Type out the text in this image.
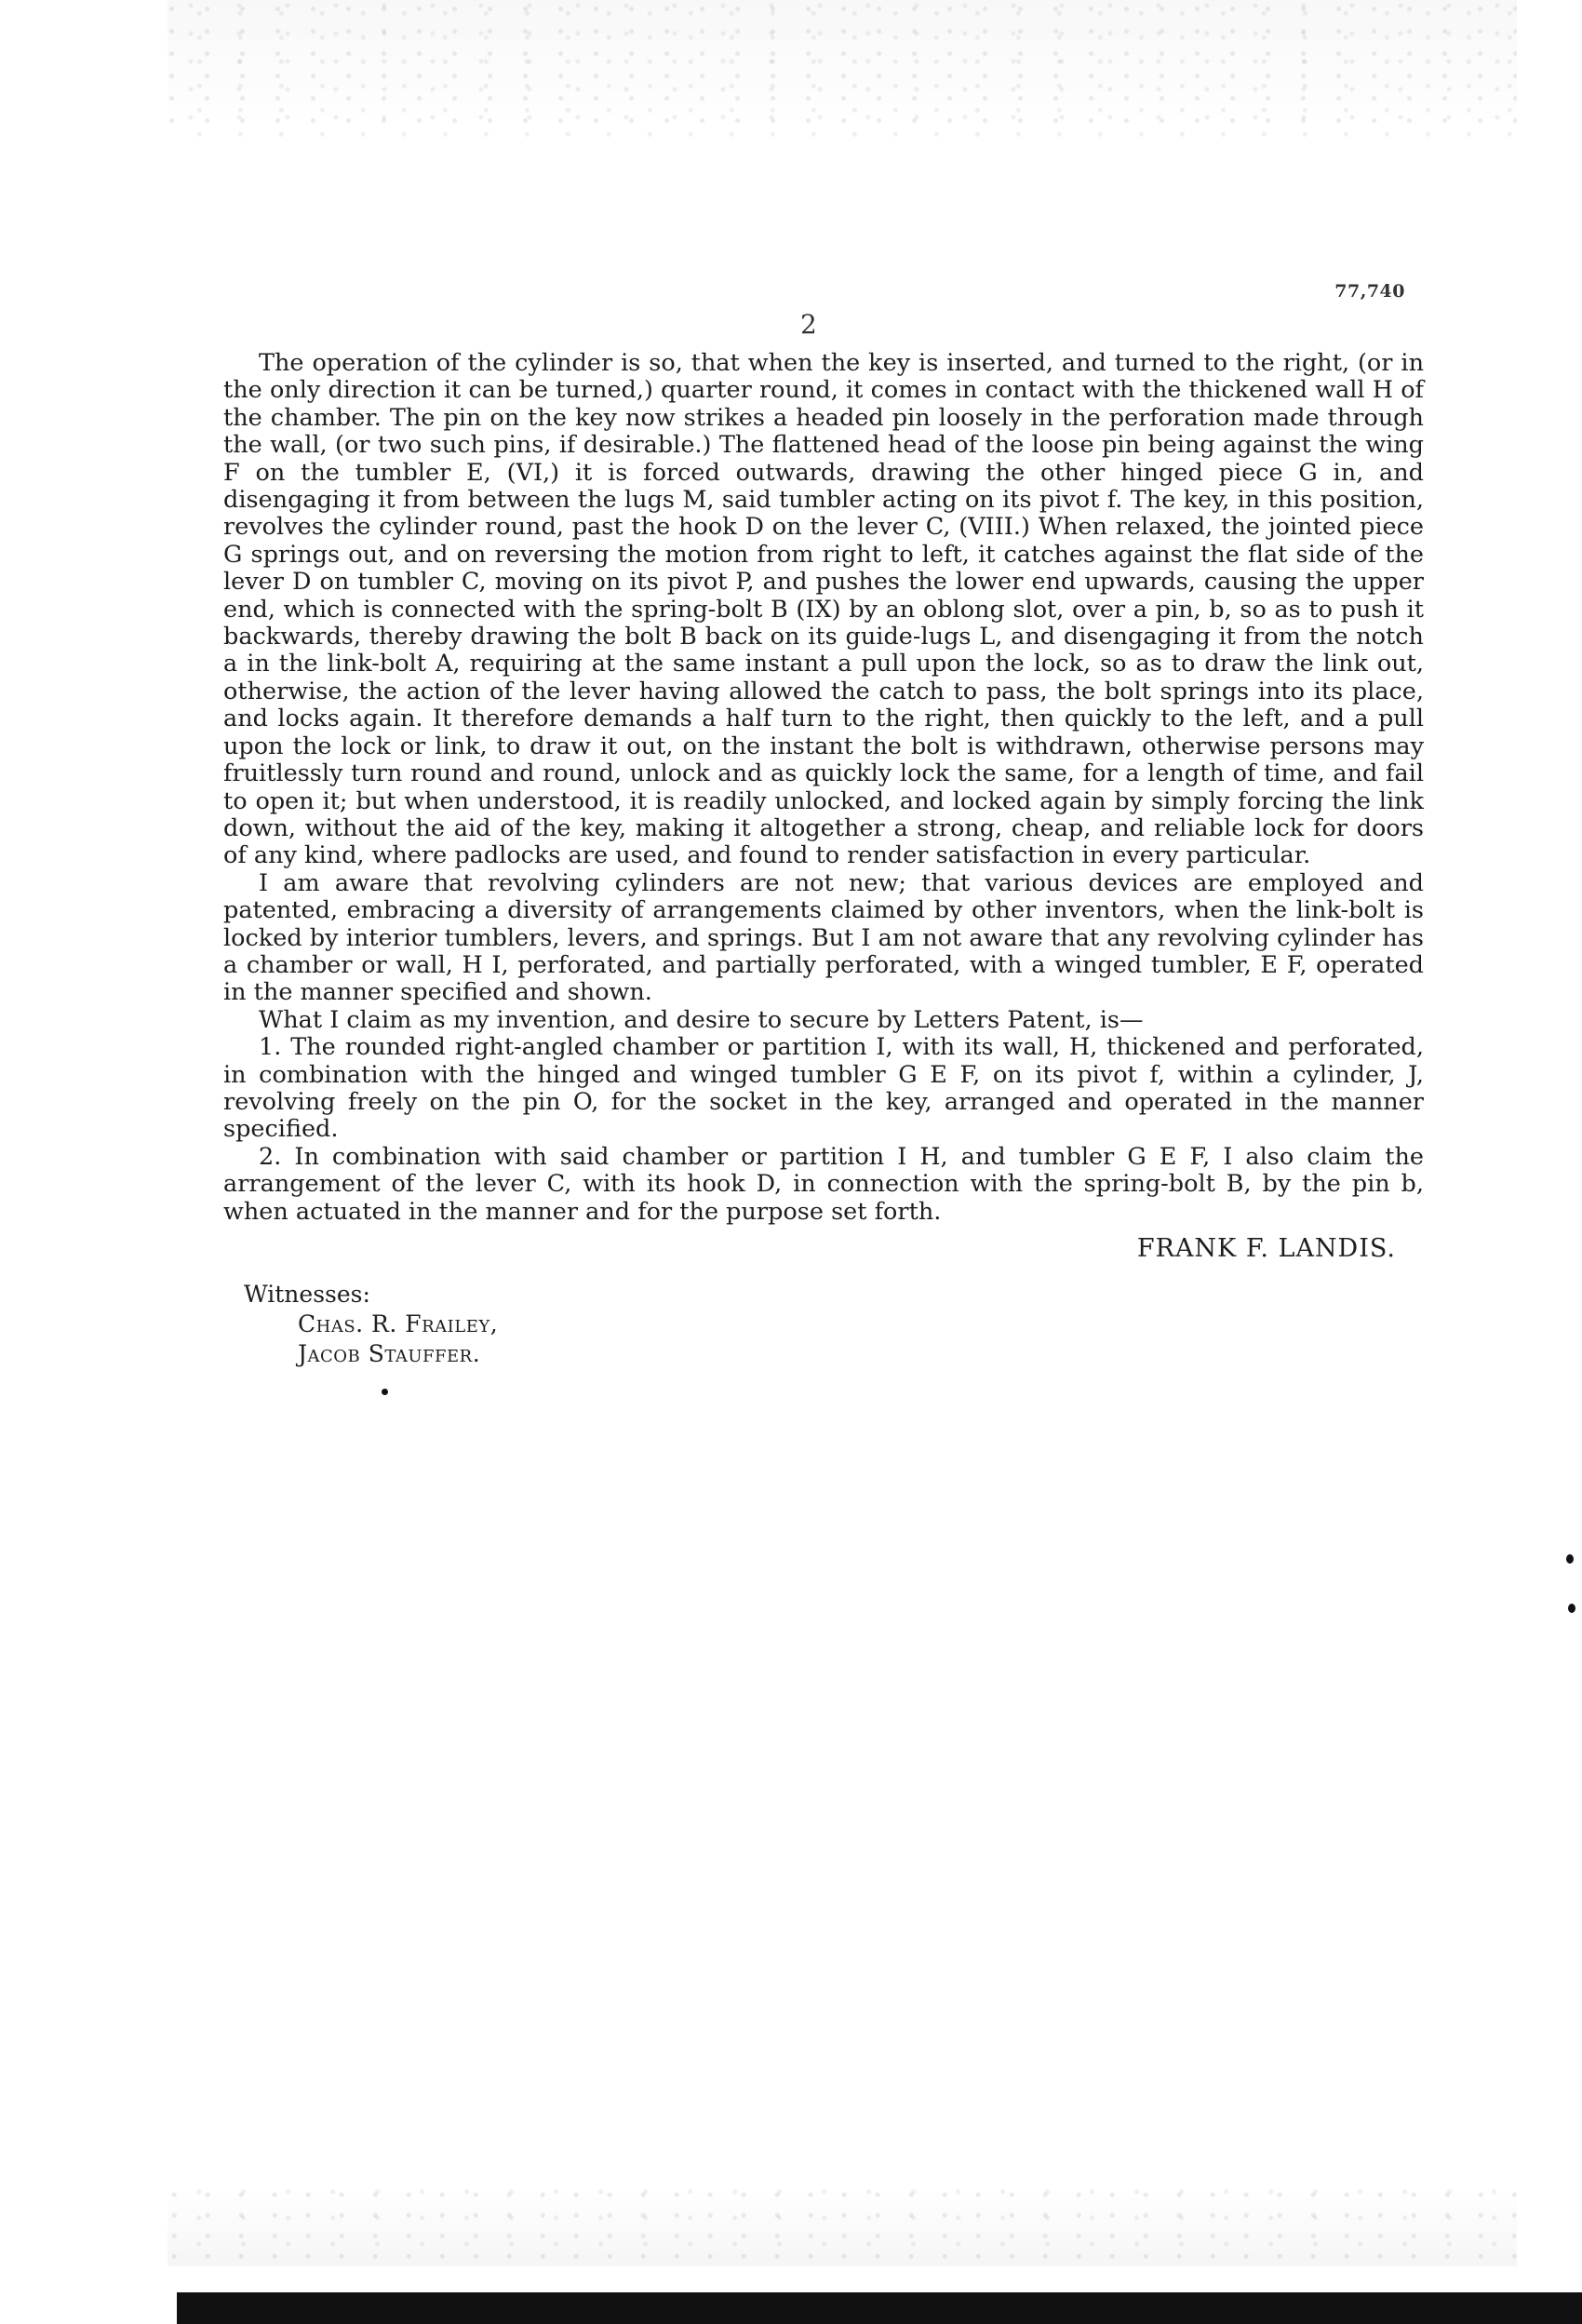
77,740
2

The operation of the cylinder is so, that when the key is inserted, and turned to the right, (or in the only direction it can be turned,) quarter round, it comes in contact with the thickened wall H of the chamber. The pin on the key now strikes a headed pin loosely in the perforation made through the wall, (or two such pins, if desirable.) The flattened head of the loose pin being against the wing F on the tumbler E, (VI,) it is forced outwards, drawing the other hinged piece G in, and disengaging it from between the lugs M, said tumbler acting on its pivot f. The key, in this position, revolves the cylinder round, past the hook D on the lever C, (VIII.) When relaxed, the jointed piece G springs out, and on reversing the motion from right to left, it catches against the flat side of the lever D on tumbler C, moving on its pivot P, and pushes the lower end upwards, causing the upper end, which is connected with the spring-bolt B (IX) by an oblong slot, over a pin, b, so as to push it backwards, thereby drawing the bolt B back on its guide-lugs L, and disengaging it from the notch a in the link-bolt A, requiring at the same instant a pull upon the lock, so as to draw the link out, otherwise, the action of the lever having allowed the catch to pass, the bolt springs into its place, and locks again. It therefore demands a half turn to the right, then quickly to the left, and a pull upon the lock or link, to draw it out, on the instant the bolt is withdrawn, otherwise persons may fruitlessly turn round and round, unlock and as quickly lock the same, for a length of time, and fail to open it; but when understood, it is readily unlocked, and locked again by simply forcing the link down, without the aid of the key, making it altogether a strong, cheap, and reliable lock for doors of any kind, where padlocks are used, and found to render satisfaction in every particular.

I am aware that revolving cylinders are not new; that various devices are employed and patented, embracing a diversity of arrangements claimed by other inventors, when the link-bolt is locked by interior tumblers, levers, and springs. But I am not aware that any revolving cylinder has a chamber or wall, H I, perforated, and partially perforated, with a winged tumbler, E F, operated in the manner specified and shown.

What I claim as my invention, and desire to secure by Letters Patent, is—

1. The rounded right-angled chamber or partition I, with its wall, H, thickened and perforated, in combination with the hinged and winged tumbler G E F, on its pivot f, within a cylinder, J, revolving freely on the pin O, for the socket in the key, arranged and operated in the manner specified.

2. In combination with said chamber or partition I H, and tumbler G E F, I also claim the arrangement of the lever C, with its hook D, in connection with the spring-bolt B, by the pin b, when actuated in the manner and for the purpose set forth.

FRANK F. LANDIS.
Witnesses:
Chas. R. Frailey,
Jacob Stauffer.
